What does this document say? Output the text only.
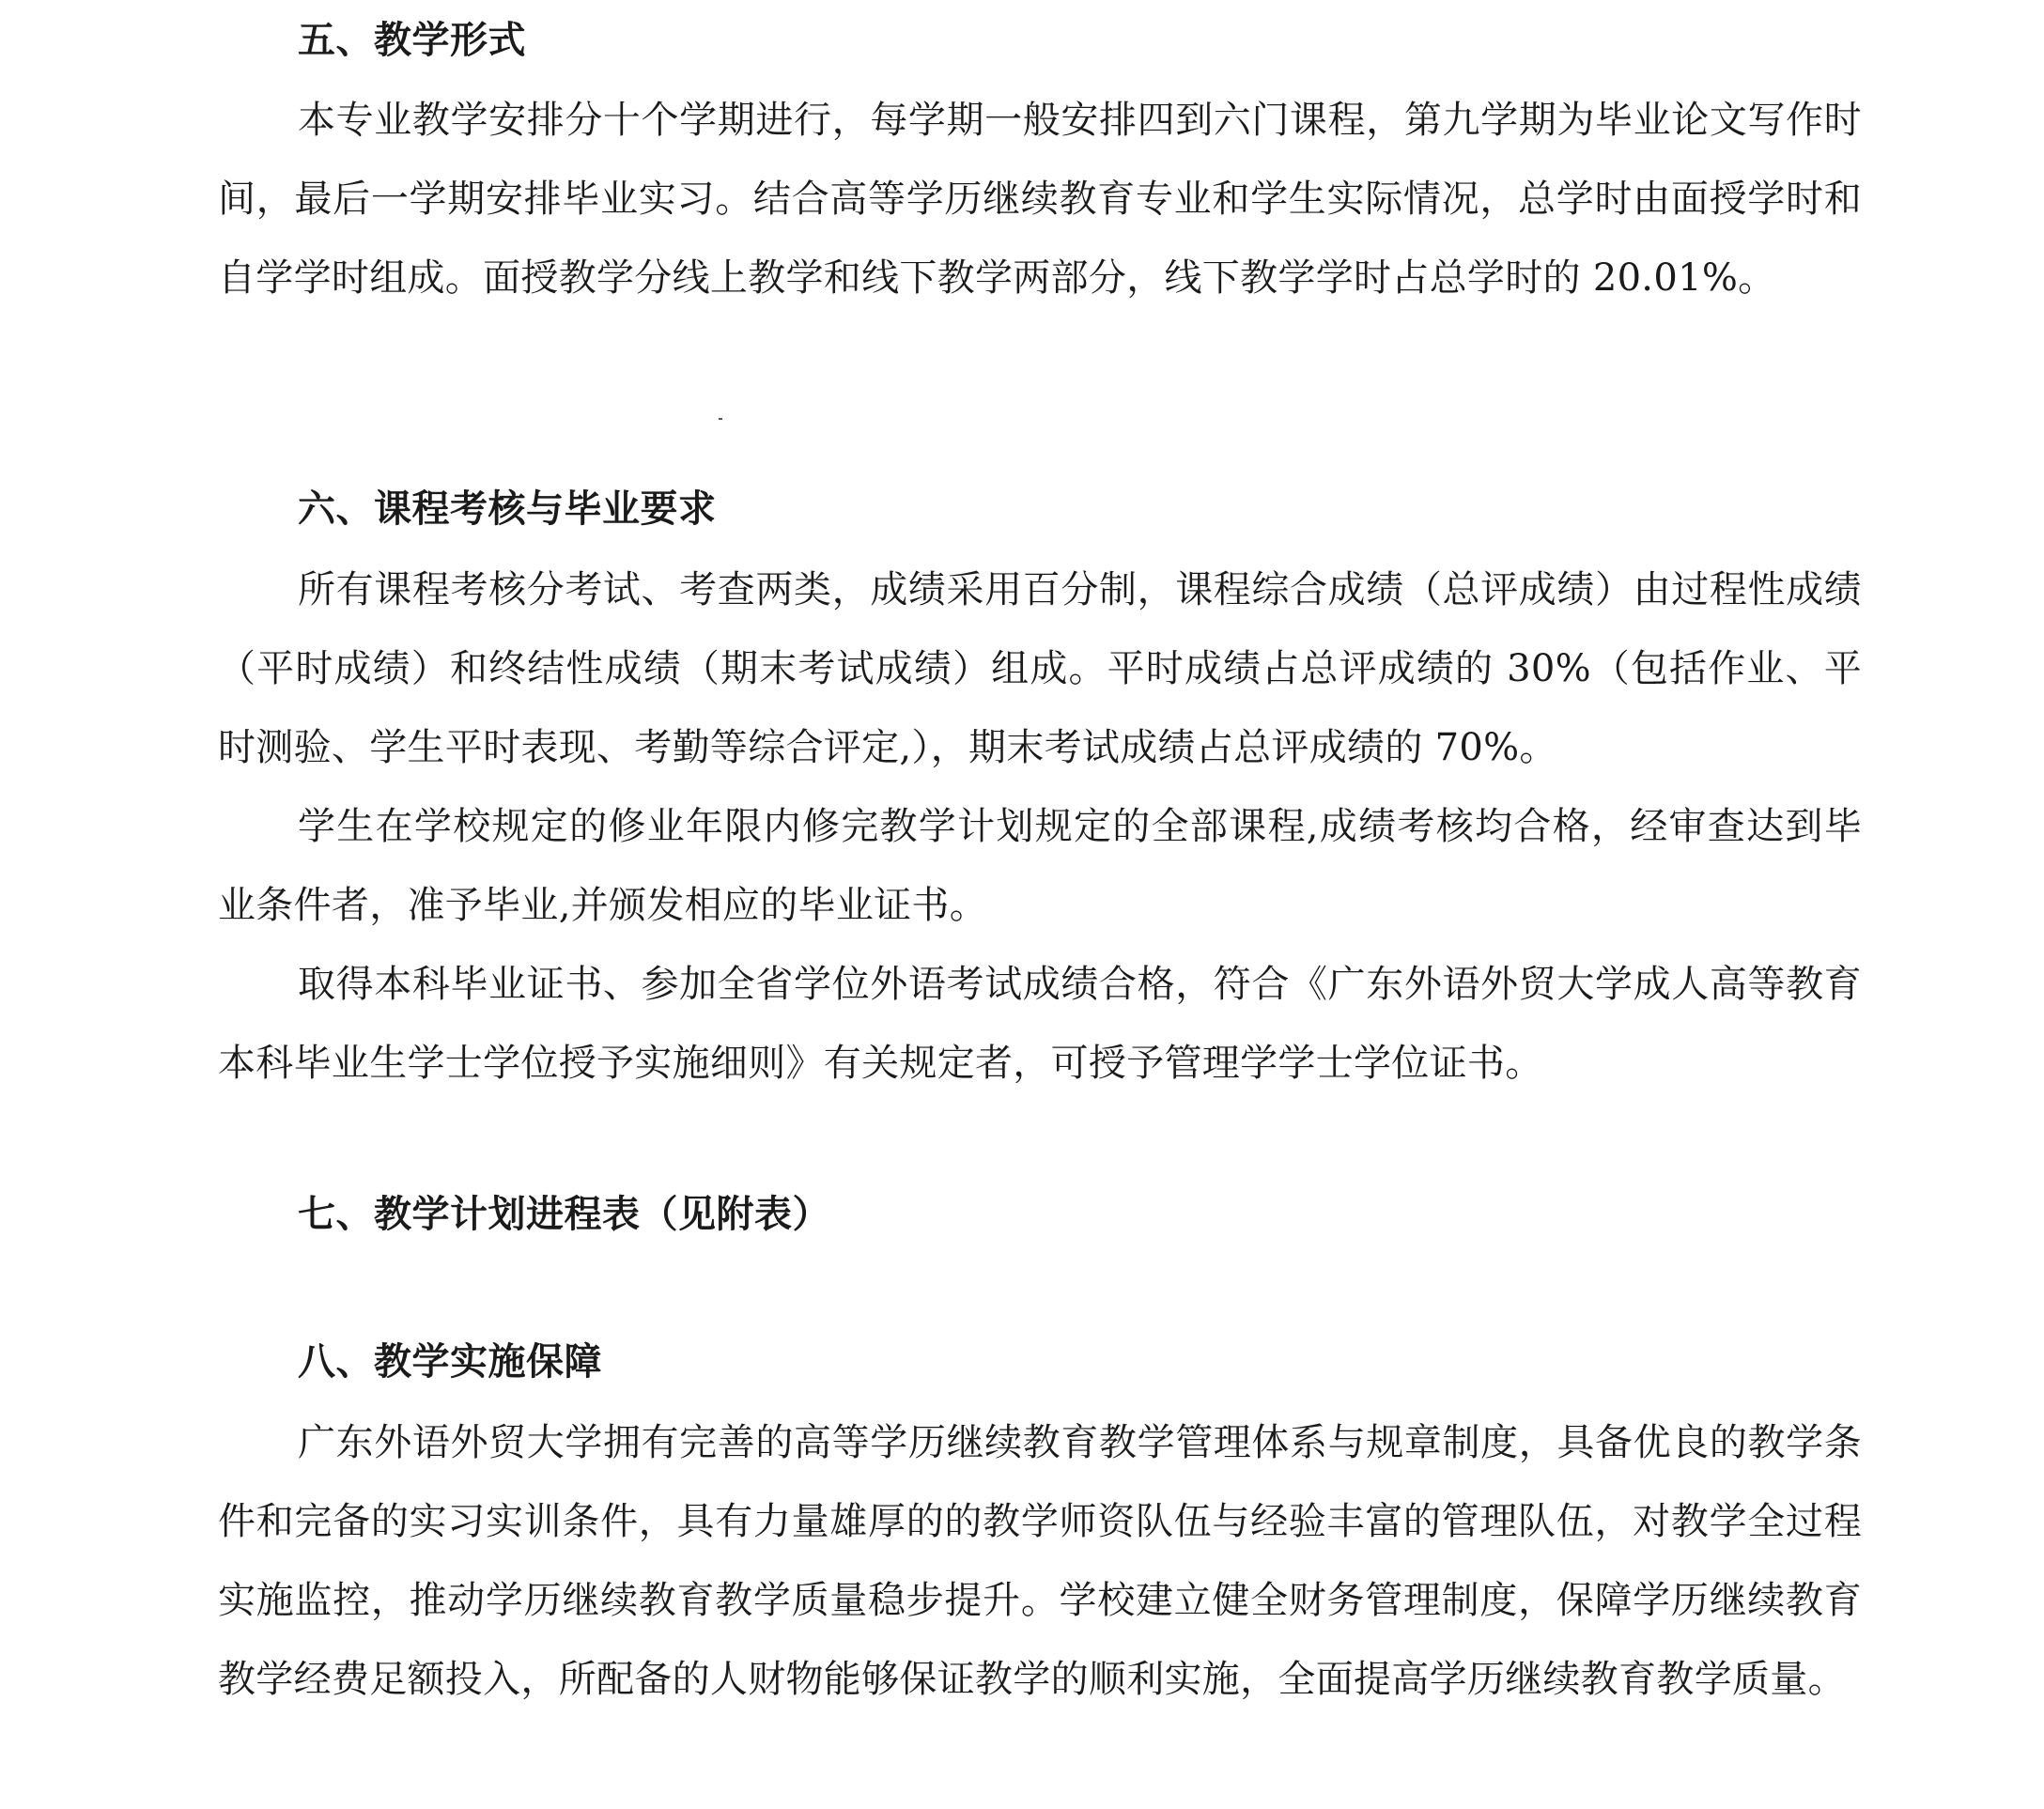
五、教学形式

本专业教学安排分十个学期进行，每学期一般安排四到六门课程，第九学期为毕业论文写作时间，最后一学期安排毕业实习。结合高等学历继续教育专业和学生实际情况，总学时由面授学时和自学学时组成。面授教学分线上教学和线下教学两部分，线下教学学时占总学时的 20.01%。

六、课程考核与毕业要求

所有课程考核分考试、考查两类，成绩采用百分制，课程综合成绩（总评成绩）由过程性成绩（平时成绩）和终结性成绩（期末考试成绩）组成。平时成绩占总评成绩的 30%（包括作业、平时测验、学生平时表现、考勤等综合评定,），期末考试成绩占总评成绩的 70%。

学生在学校规定的修业年限内修完教学计划规定的全部课程,成绩考核均合格，经审查达到毕业条件者，准予毕业,并颁发相应的毕业证书。

取得本科毕业证书、参加全省学位外语考试成绩合格，符合《广东外语外贸大学成人高等教育本科毕业生学士学位授予实施细则》有关规定者，可授予管理学学士学位证书。

七、教学计划进程表（见附表）
八、教学实施保障

广东外语外贸大学拥有完善的高等学历继续教育教学管理体系与规章制度，具备优良的教学条件和完备的实习实训条件，具有力量雄厚的的教学师资队伍与经验丰富的管理队伍，对教学全过程实施监控，推动学历继续教育教学质量稳步提升。学校建立健全财务管理制度，保障学历继续教育教学经费足额投入，所配备的人财物能够保证教学的顺利实施，全面提高学历继续教育教学质量。
